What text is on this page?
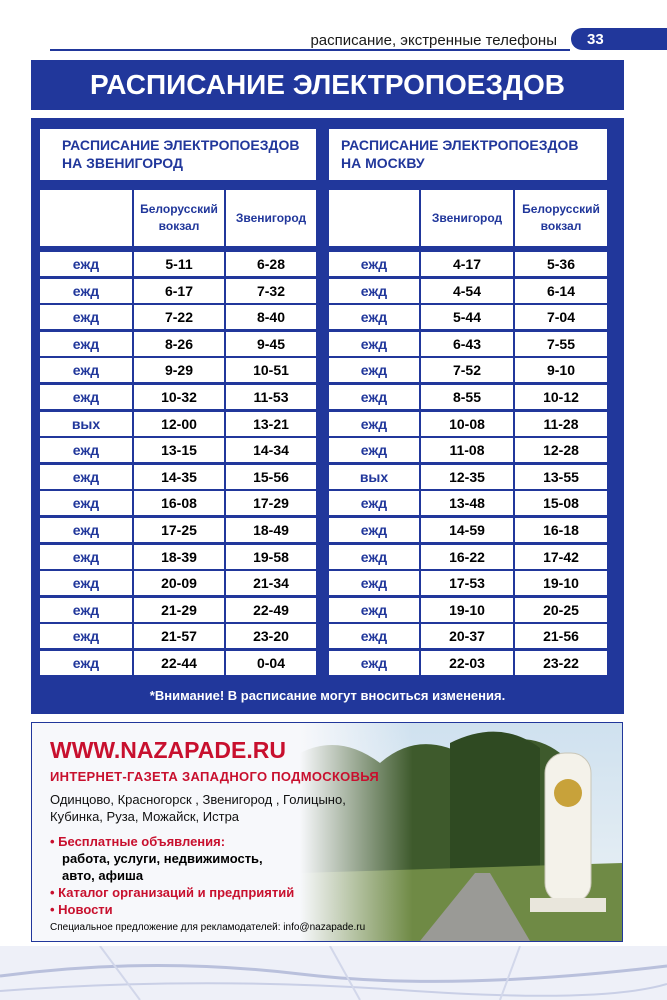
расписание, экстренные телефоны	33
РАСПИСАНИЕ ЭЛЕКТРОПОЕЗДОВ
РАСПИСАНИЕ ЭЛЕКТРОПОЕЗДОВ
НА ЗВЕНИГОРОД
РАСПИСАНИЕ ЭЛЕКТРОПОЕЗДОВ
НА МОСКВУ
Белорусский
вокзал
Звенигород
ежд	5-11	6-28
ежд	6-17	7-32
ежд	7-22	8-40
ежд	8-26	9-45
ежд	9-29	10-51
ежд	10-32	11-53
вых	12-00	13-21
ежд	13-15	14-34
ежд	14-35	15-56
ежд	16-08	17-29
ежд	17-25	18-49
ежд	18-39	19-58
ежд	20-09	21-34
ежд	21-29	22-49
ежд	21-57	23-20
ежд	22-44	0-04
Звенигород
Белорусский
вокзал
ежд	4-17	5-36
ежд	4-54	6-14
ежд	5-44	7-04
ежд	6-43	7-55
ежд	7-52	9-10
ежд	8-55	10-12
ежд	10-08	11-28
ежд	11-08	12-28
вых	12-35	13-55
ежд	13-48	15-08
ежд	14-59	16-18
ежд	16-22	17-42
ежд	17-53	19-10
ежд	19-10	20-25
ежд	20-37	21-56
ежд	22-03	23-22
*Внимание! В расписание могут вноситься изменения.
WWW.NAZAPADE.RU
ИНТЕРНЕТ-ГАЗЕТА ЗАПАДНОГО ПОДМОСКОВЬЯ
Одинцово, Красногорск , Звенигород , Голицыно,
Кубинка, Руза, Можайск, Истра
• Бесплатные объявления:
работа, услуги, недвижимость,
авто, афиша
• Каталог организаций и предприятий
• Новости
Специальное предложение для рекламодателей: info@nazapade.ru
